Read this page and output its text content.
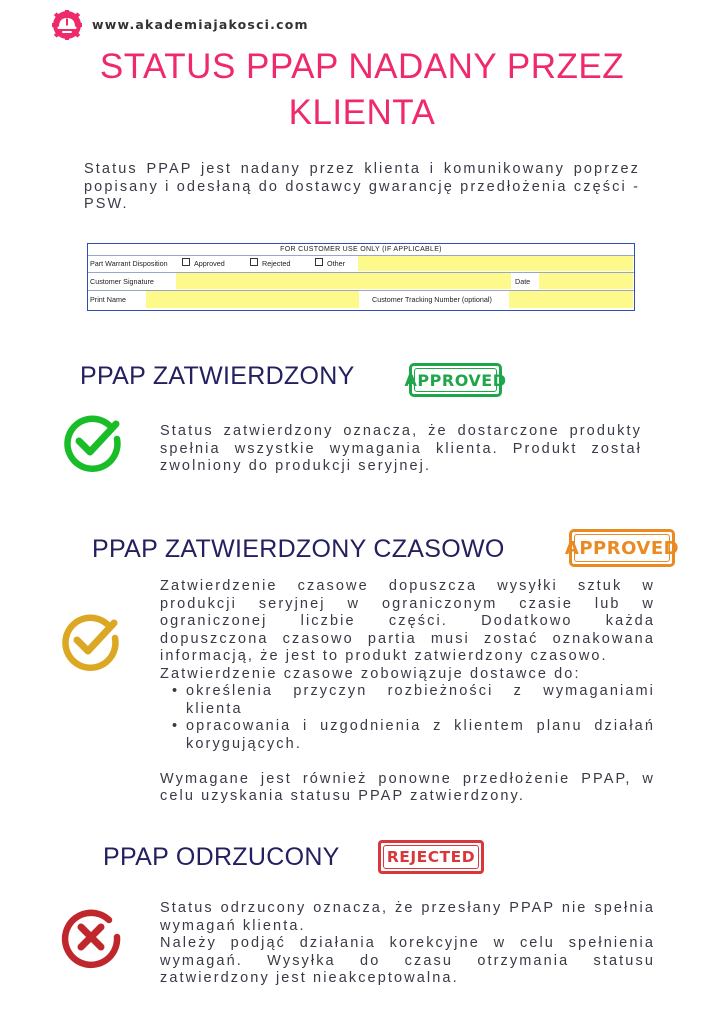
www.akademiajakosci.com
STATUS PPAP NADANY PRZEZ
KLIENTA
Status PPAP jest nadany przez klienta i komunikowany poprzez popisany i odesłaną do dostawcy gwarancję przedłożenia części - PSW.
FOR CUSTOMER USE ONLY (IF APPLICABLE)
Part Warrant Disposition	Approved	Rejected	Other
Customer Signature	Date
Print Name	Customer Tracking Number (optional)
PPAP ZATWIERDZONY	APPROVED
Status zatwierdzony oznacza, że dostarczone produkty spełnia wszystkie wymagania klienta. Produkt został zwolniony do produkcji seryjnej.
PPAP ZATWIERDZONY CZASOWO	APPROVED
Zatwierdzenie czasowe dopuszcza wysyłki sztuk w produkcji seryjnej w ograniczonym czasie lub w ograniczonej liczbie części. Dodatkowo każda dopuszczona czasowo partia musi zostać oznakowana informacją, że jest to produkt zatwierdzony czasowo.
Zatwierdzenie czasowe zobowiązuje dostawce do:
• określenia przyczyn rozbieżności z wymaganiami klienta
• opracowania i uzgodnienia z klientem planu działań korygujących.
Wymagane jest również ponowne przedłożenie PPAP, w celu uzyskania statusu PPAP zatwierdzony.
PPAP ODRZUCONY	REJECTED
Status odrzucony oznacza, że przesłany PPAP nie spełnia wymagań klienta.
Należy podjąć działania korekcyjne w celu spełnienia wymagań. Wysyłka do czasu otrzymania statusu zatwierdzony jest nieakceptowalna.
